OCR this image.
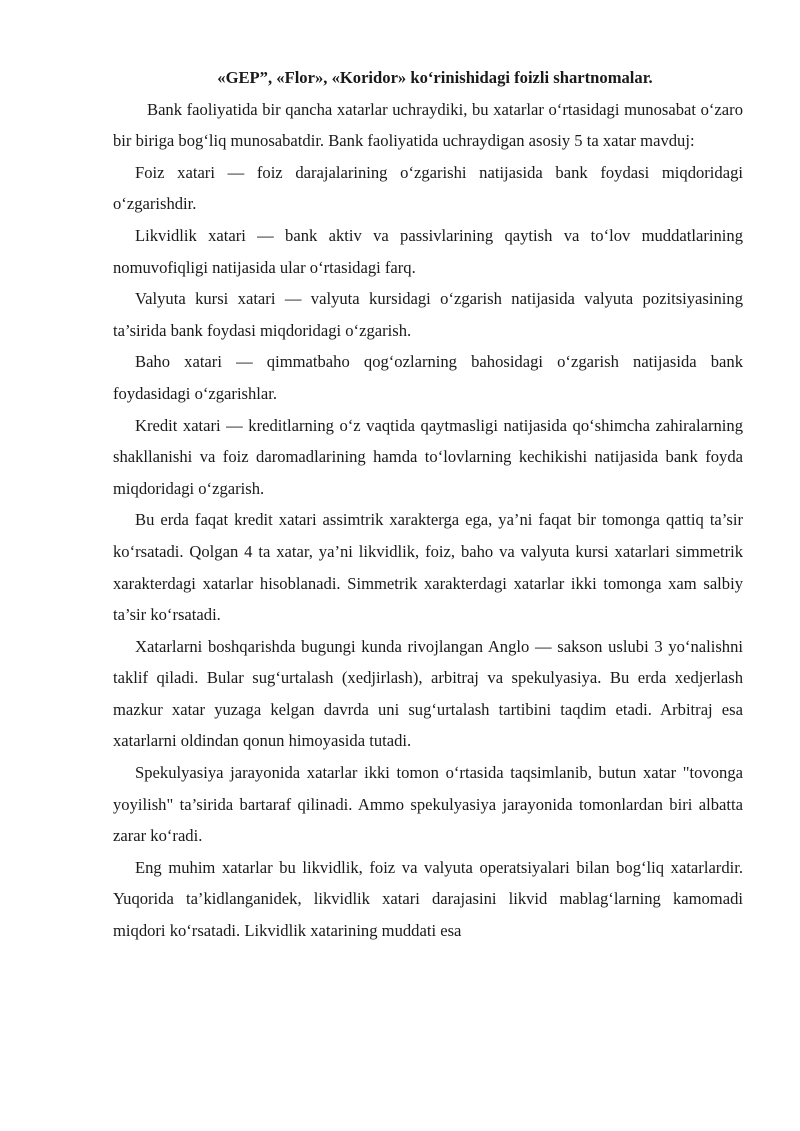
«GEP”, «Flor», «Koridor» ko‘rinishidagi foizli shartnomalar.

Bank faoliyatida bir qancha xatarlar uchraydiki, bu xatarlar o‘rtasidagi munosabat o‘zaro bir biriga bog‘liq munosabatdir. Bank faoliyatida uchraydigan asosiy 5 ta xatar mavduj:

Foiz xatari — foiz darajalarining o‘zgarishi natijasida bank foydasi miqdoridagi o‘zgarishdir.

Likvidlik xatari — bank aktiv va passivlarining qaytish va to‘lov muddatlarining nomuvofiqligi natijasida ular o‘rtasidagi farq.

Valyuta kursi xatari — valyuta kursidagi o‘zgarish natijasida valyuta pozitsiyasining ta’sirida bank foydasi miqdoridagi o‘zgarish.

Baho xatari — qimmatbaho qog‘ozlarning bahosidagi o‘zgarish natijasida bank foydasidagi o‘zgarishlar.

Kredit xatari — kreditlarning o‘z vaqtida qaytmasligi natijasida qo‘shimcha zahiralarning shakllanishi va foiz daromadlarining hamda to‘lovlarning kechikishi natijasida bank foyda miqdoridagi o‘zgarish.

Bu erda faqat kredit xatari assimtrik xarakterga ega, ya’ni faqat bir tomonga qattiq ta’sir ko‘rsatadi. Qolgan 4 ta xatar, ya’ni likvidlik, foiz, baho va valyuta kursi xatarlari simmetrik xarakterdagi xatarlar hisoblanadi. Simmetrik xarakterdagi xatarlar ikki tomonga xam salbiy ta’sir ko‘rsatadi.

Xatarlarni boshqarishda bugungi kunda rivojlangan Anglo — sakson uslubi 3 yo‘nalishni taklif qiladi. Bular sug‘urtalash (xedjirlash), arbitraj va spekulyasiya. Bu erda xedjerlash mazkur xatar yuzaga kelgan davrda uni sug‘urtalash tartibini taqdim etadi. Arbitraj esa xatarlarni oldindan qonun himoyasida tutadi.

Spekulyasiya jarayonida xatarlar ikki tomon o‘rtasida taqsimlanib, butun xatar "tovonga yoyilish" ta’sirida bartaraf qilinadi. Ammo spekulyasiya jarayonida tomonlardan biri albatta zarar ko‘radi.

Eng muhim xatarlar bu likvidlik, foiz va valyuta operatsiyalari bilan bog‘liq xatarlardir. Yuqorida ta’kidlanganidek, likvidlik xatari darajasini likvid mablag‘larning kamomadi miqdori ko‘rsatadi. Likvidlik xatarining muddati esa
